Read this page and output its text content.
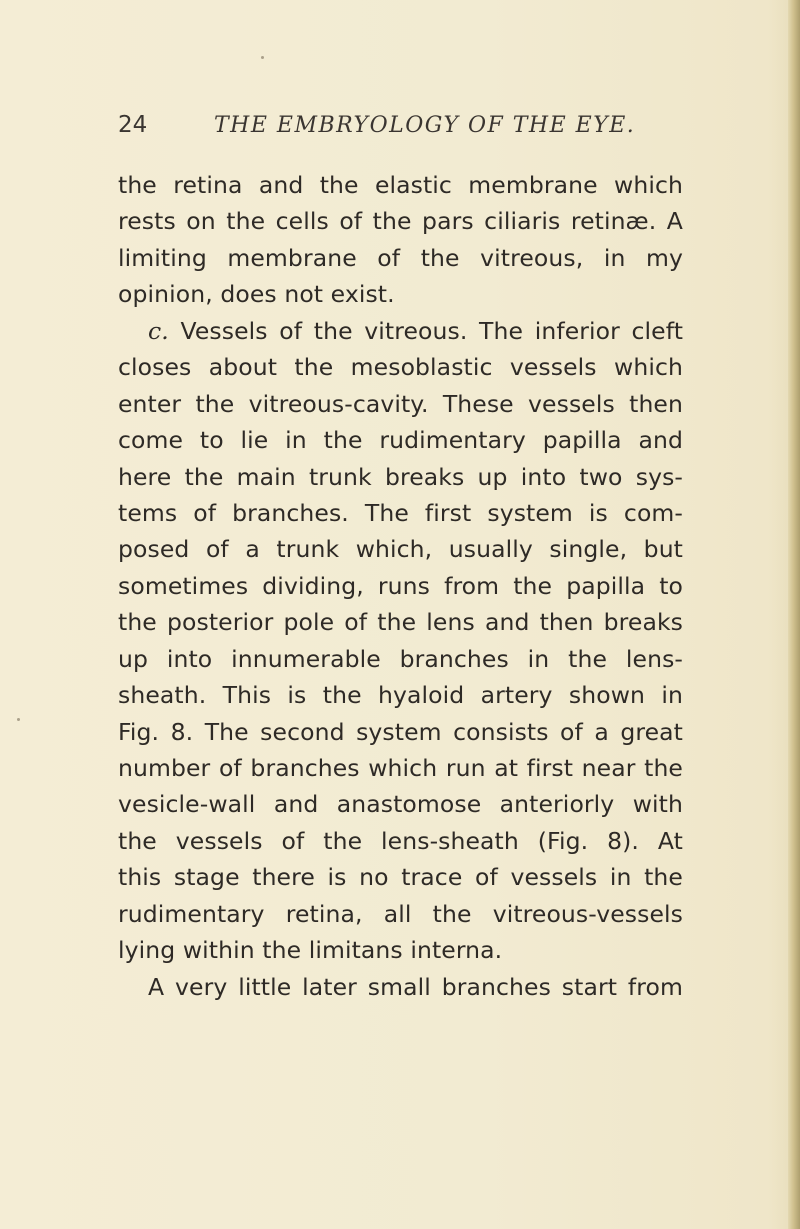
24	THE EMBRYOLOGY OF THE EYE.
the retina and the elastic membrane which
rests on the cells of the pars ciliaris retinæ. A
limiting membrane of the vitreous, in my
opinion, does not exist.
c. Vessels of the vitreous. The inferior cleft
closes about the mesoblastic vessels which
enter the vitreous-cavity. These vessels then
come to lie in the rudimentary papilla and
here the main trunk breaks up into two sys-
tems of branches. The first system is com-
posed of a trunk which, usually single, but
sometimes dividing, runs from the papilla to
the posterior pole of the lens and then breaks
up into innumerable branches in the lens-
sheath. This is the hyaloid artery shown in
Fig. 8. The second system consists of a great
number of branches which run at first near the
vesicle-wall and anastomose anteriorly with
the vessels of the lens-sheath (Fig. 8). At
this stage there is no trace of vessels in the
rudimentary retina, all the vitreous-vessels
lying within the limitans interna.
A very little later small branches start from
